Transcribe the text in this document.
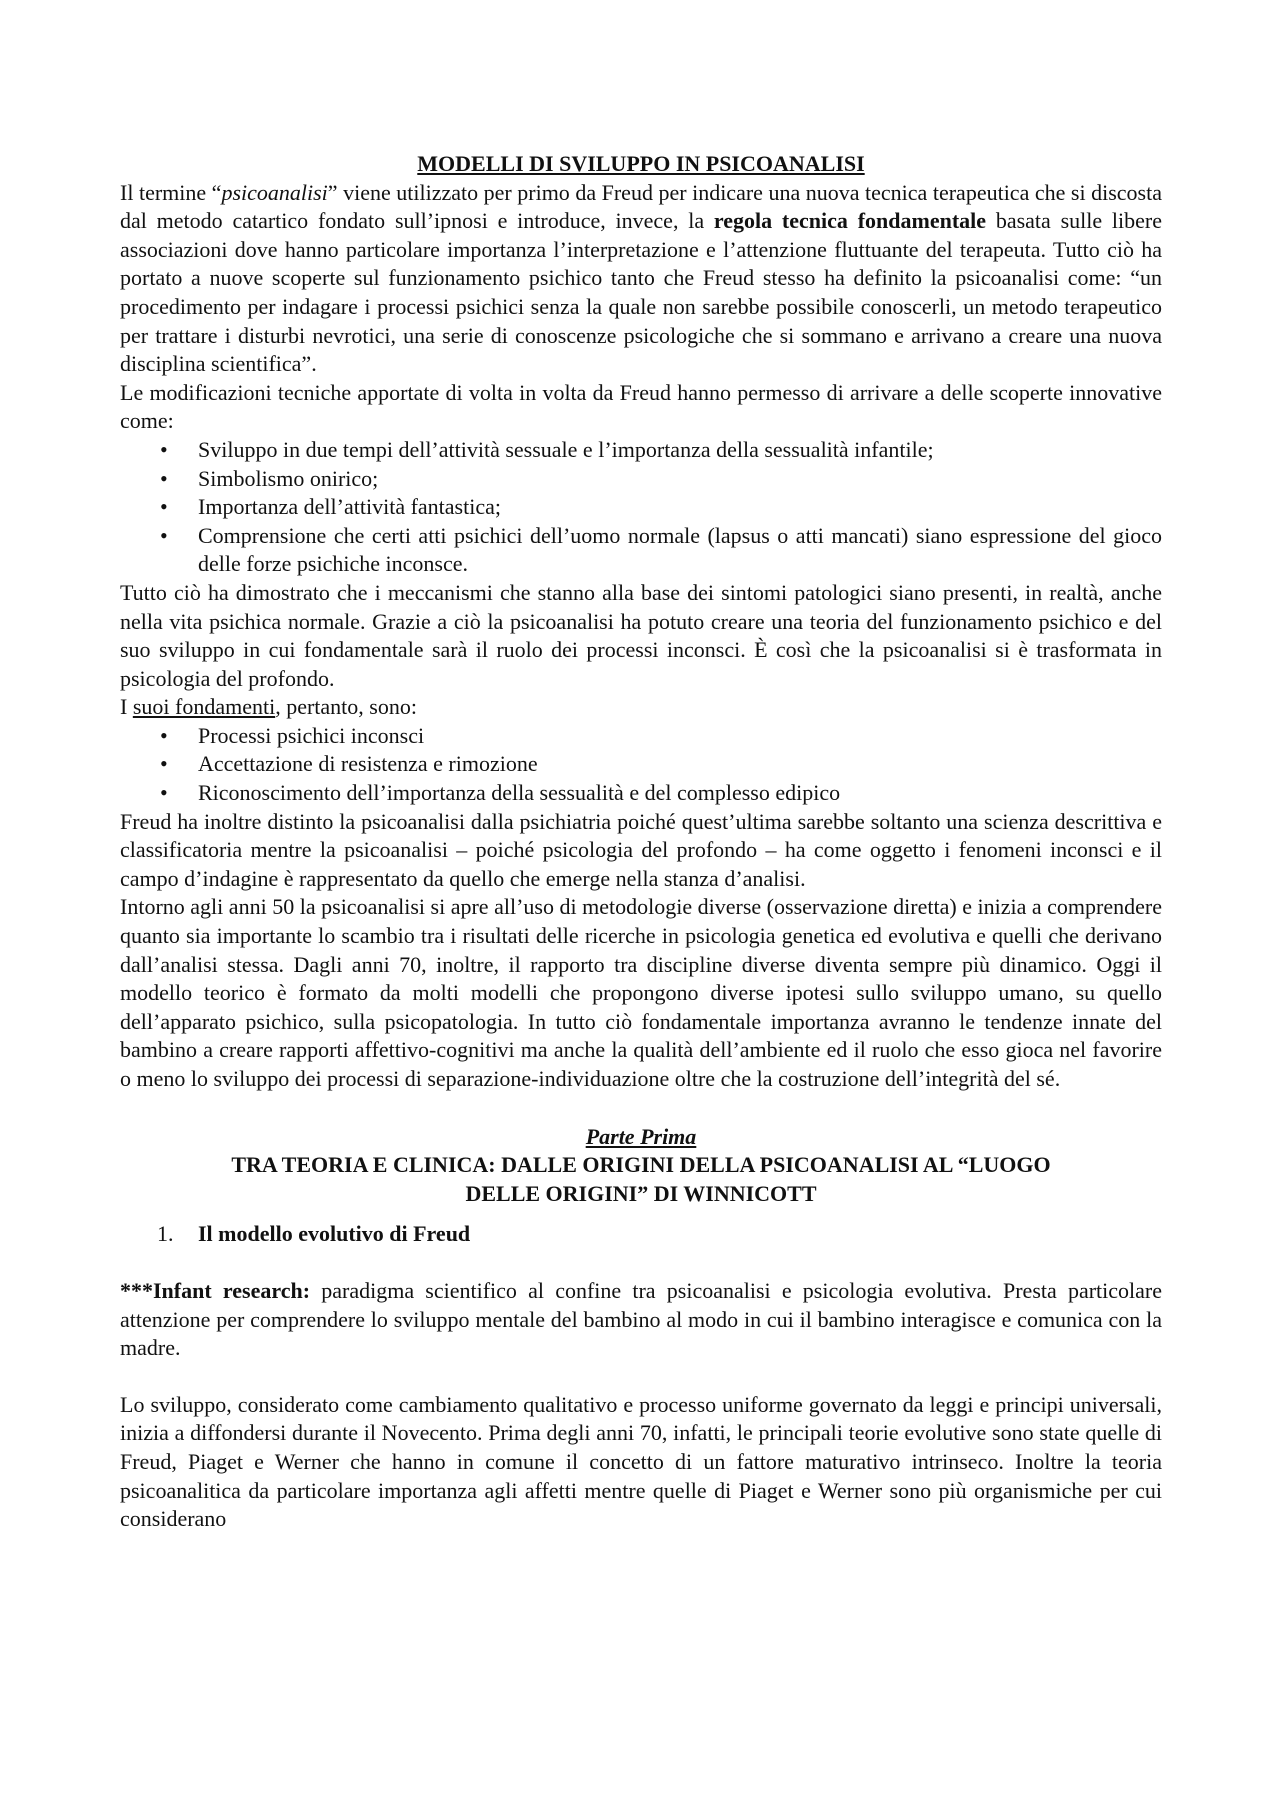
MODELLI DI SVILUPPO IN PSICOANALISI

Il termine “psicoanalisi” viene utilizzato per primo da Freud per indicare una nuova tecnica terapeutica che si discosta dal metodo catartico fondato sull’ipnosi e introduce, invece, la regola tecnica fondamentale basata sulle libere associazioni dove hanno particolare importanza l’interpretazione e l’attenzione fluttuante del terapeuta. Tutto ciò ha portato a nuove scoperte sul funzionamento psichico tanto che Freud stesso ha definito la psicoanalisi come: “un procedimento per indagare i processi psichici senza la quale non sarebbe possibile conoscerli, un metodo terapeutico per trattare i disturbi nevrotici, una serie di conoscenze psicologiche che si sommano e arrivano a creare una nuova disciplina scientifica”.

Le modificazioni tecniche apportate di volta in volta da Freud hanno permesso di arrivare a delle scoperte innovative come:

• Sviluppo in due tempi dell’attività sessuale e l’importanza della sessualità infantile;
• Simbolismo onirico;
• Importanza dell’attività fantastica;
• Comprensione che certi atti psichici dell’uomo normale (lapsus o atti mancati) siano espressione del gioco delle forze psichiche inconsce.

Tutto ciò ha dimostrato che i meccanismi che stanno alla base dei sintomi patologici siano presenti, in realtà, anche nella vita psichica normale. Grazie a ciò la psicoanalisi ha potuto creare una teoria del funzionamento psichico e del suo sviluppo in cui fondamentale sarà il ruolo dei processi inconsci. È così che la psicoanalisi si è trasformata in psicologia del profondo.

I suoi fondamenti, pertanto, sono:

• Processi psichici inconsci
• Accettazione di resistenza e rimozione
• Riconoscimento dell’importanza della sessualità e del complesso edipico

Freud ha inoltre distinto la psicoanalisi dalla psichiatria poiché quest’ultima sarebbe soltanto una scienza descrittiva e classificatoria mentre la psicoanalisi – poiché psicologia del profondo – ha come oggetto i fenomeni inconsci e il campo d’indagine è rappresentato da quello che emerge nella stanza d’analisi.

Intorno agli anni 50 la psicoanalisi si apre all’uso di metodologie diverse (osservazione diretta) e inizia a comprendere quanto sia importante lo scambio tra i risultati delle ricerche in psicologia genetica ed evolutiva e quelli che derivano dall’analisi stessa. Dagli anni 70, inoltre, il rapporto tra discipline diverse diventa sempre più dinamico. Oggi il modello teorico è formato da molti modelli che propongono diverse ipotesi sullo sviluppo umano, su quello dell’apparato psichico, sulla psicopatologia. In tutto ciò fondamentale importanza avranno le tendenze innate del bambino a creare rapporti affettivo-cognitivi ma anche la qualità dell’ambiente ed il ruolo che esso gioca nel favorire o meno lo sviluppo dei processi di separazione-individuazione oltre che la costruzione dell’integrità del sé.

Parte Prima

TRA TEORIA E CLINICA: DALLE ORIGINI DELLA PSICOANALISI AL “LUOGO

DELLE ORIGINI” DI WINNICOTT

1. Il modello evolutivo di Freud

***Infant research: paradigma scientifico al confine tra psicoanalisi e psicologia evolutiva. Presta particolare attenzione per comprendere lo sviluppo mentale del bambino al modo in cui il bambino interagisce e comunica con la madre.

Lo sviluppo, considerato come cambiamento qualitativo e processo uniforme governato da leggi e principi universali, inizia a diffondersi durante il Novecento. Prima degli anni 70, infatti, le principali teorie evolutive sono state quelle di Freud, Piaget e Werner che hanno in comune il concetto di un fattore maturativo intrinseco. Inoltre la teoria psicoanalitica da particolare importanza agli affetti mentre quelle di Piaget e Werner sono più organismiche per cui considerano
